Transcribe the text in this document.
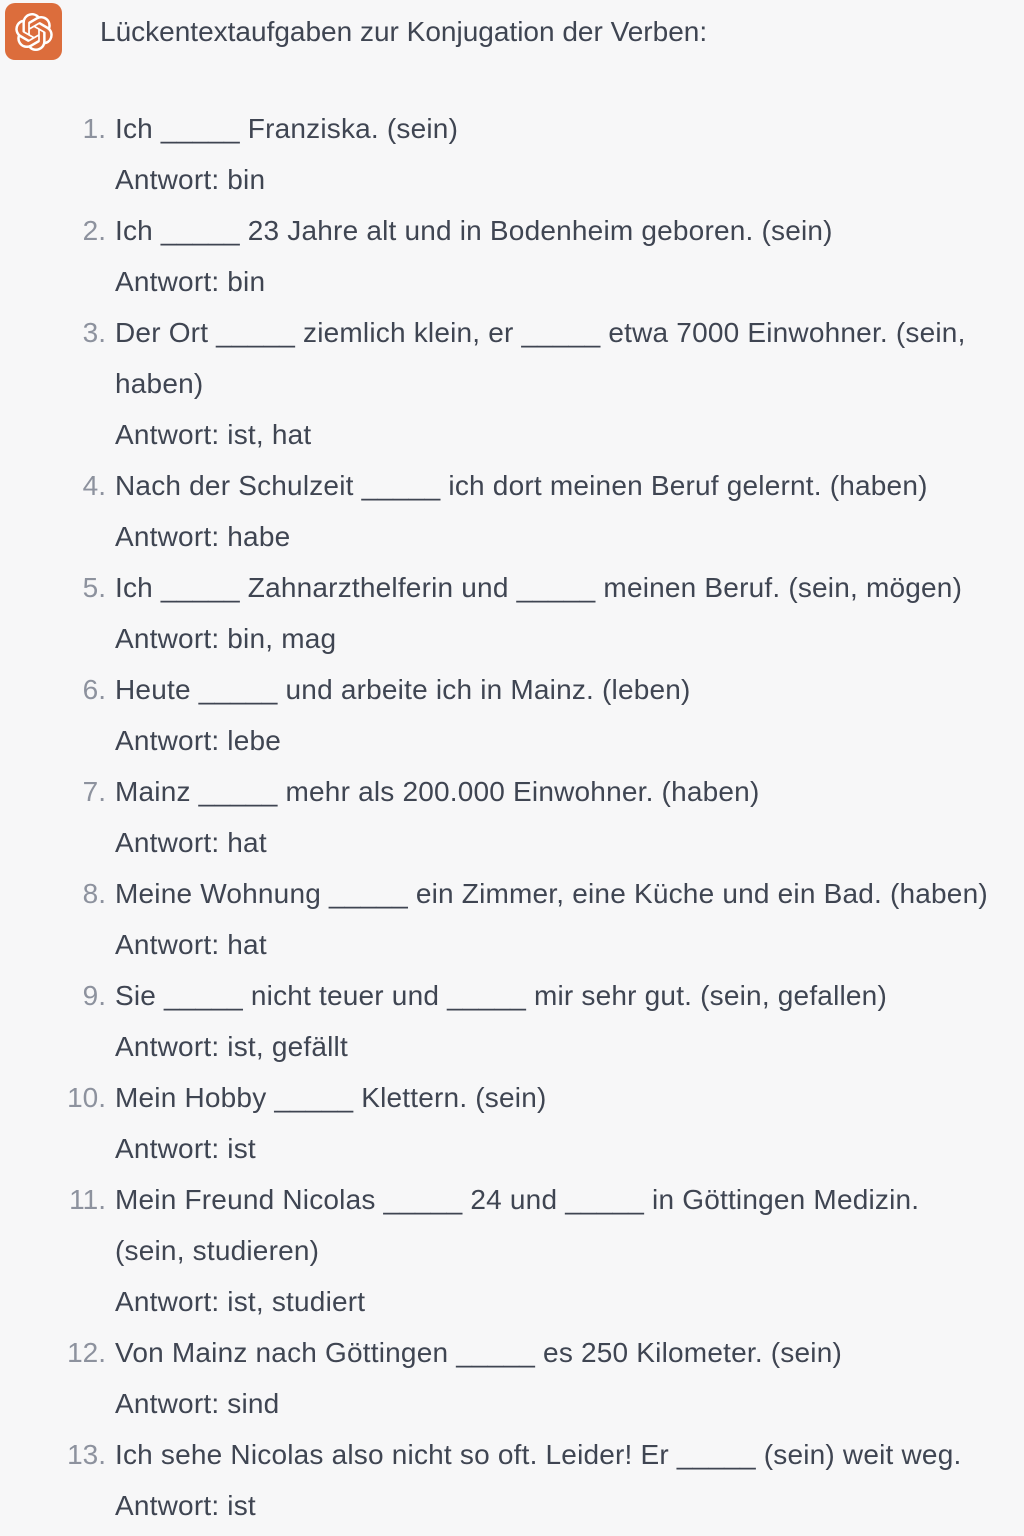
Lückentextaufgaben zur Konjugation der Verben:
1. Ich _____ Franziska. (sein)
Antwort: bin
2. Ich _____ 23 Jahre alt und in Bodenheim geboren. (sein)
Antwort: bin
3. Der Ort _____ ziemlich klein, er _____ etwa 7000 Einwohner. (sein, haben)
Antwort: ist, hat
4. Nach der Schulzeit _____ ich dort meinen Beruf gelernt. (haben)
Antwort: habe
5. Ich _____ Zahnarzthelferin und _____ meinen Beruf. (sein, mögen)
Antwort: bin, mag
6. Heute _____ und arbeite ich in Mainz. (leben)
Antwort: lebe
7. Mainz _____ mehr als 200.000 Einwohner. (haben)
Antwort: hat
8. Meine Wohnung _____ ein Zimmer, eine Küche und ein Bad. (haben)
Antwort: hat
9. Sie _____ nicht teuer und _____ mir sehr gut. (sein, gefallen)
Antwort: ist, gefällt
10. Mein Hobby _____ Klettern. (sein)
Antwort: ist
11. Mein Freund Nicolas _____ 24 und _____ in Göttingen Medizin. (sein, studieren)
Antwort: ist, studiert
12. Von Mainz nach Göttingen _____ es 250 Kilometer. (sein)
Antwort: sind
13. Ich sehe Nicolas also nicht so oft. Leider! Er _____ (sein) weit weg.
Antwort: ist
